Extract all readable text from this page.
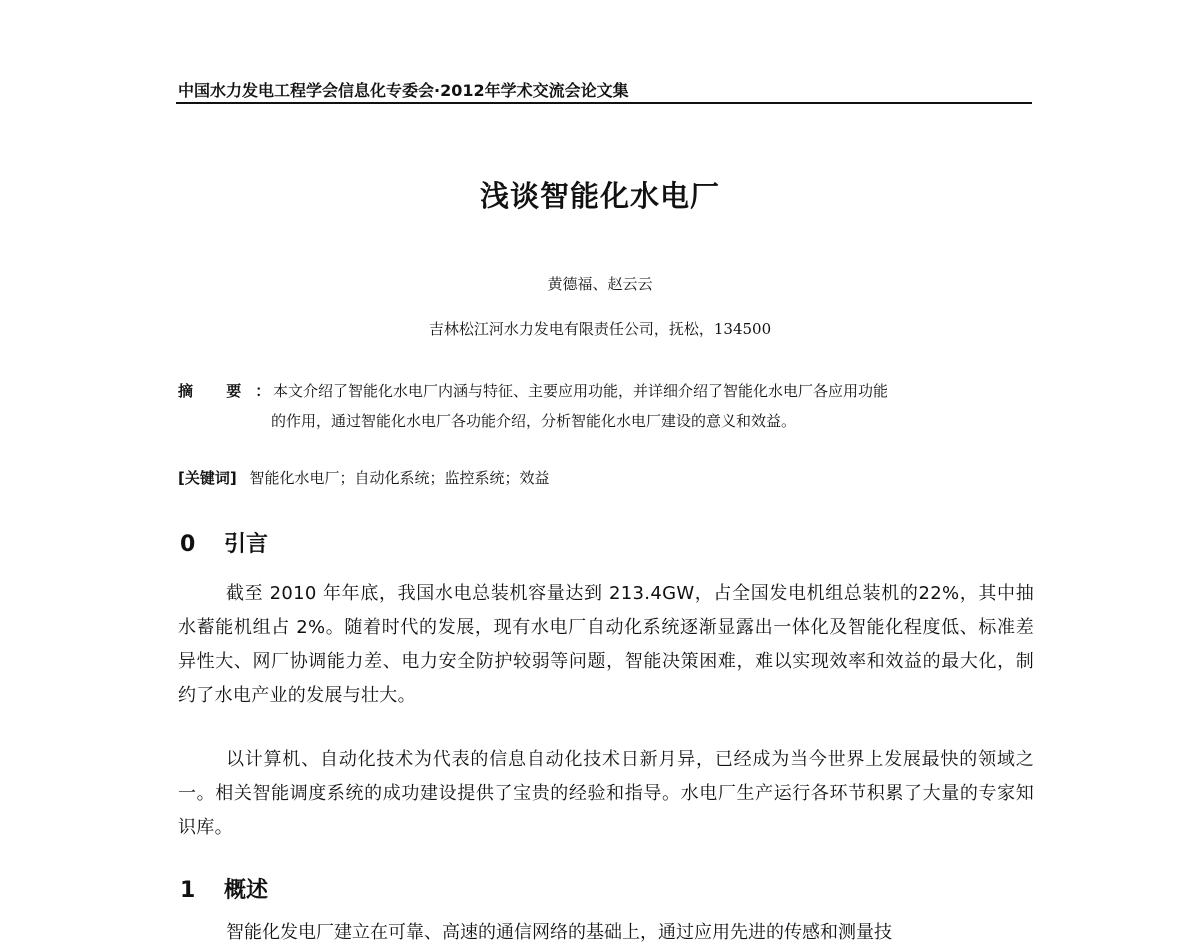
中国水力发电工程学会信息化专委会·2012年学术交流会论文集
浅谈智能化水电厂
黄德福、赵云云
吉林松江河水力发电有限责任公司，抚松，134500
摘 要：
本文介绍了智能化水电厂内涵与特征、主要应用功能，并详细介绍了智能化水电厂各应用功能
的作用，通过智能化水电厂各功能介绍，分析智能化水电厂建设的意义和效益。
[关键词] 智能化水电厂；自动化系统；监控系统；效益
0 引言
截至 2010 年年底，我国水电总装机容量达到 213.4GW，占全国发电机组总装机的22%，其中抽水蓄能机组占 2%。随着时代的发展，现有水电厂自动化系统逐渐显露出一体化及智能化程度低、标准差异性大、网厂协调能力差、电力安全防护较弱等问题，智能决策困难，难以实现效率和效益的最大化，制约了水电产业的发展与壮大。
以计算机、自动化技术为代表的信息自动化技术日新月异，已经成为当今世界上发展最快的领域之一。相关智能调度系统的成功建设提供了宝贵的经验和指导。水电厂生产运行各环节积累了大量的专家知识库。
1 概述
智能化发电厂建立在可靠、高速的通信网络的基础上，通过应用先进的传感和测量技
